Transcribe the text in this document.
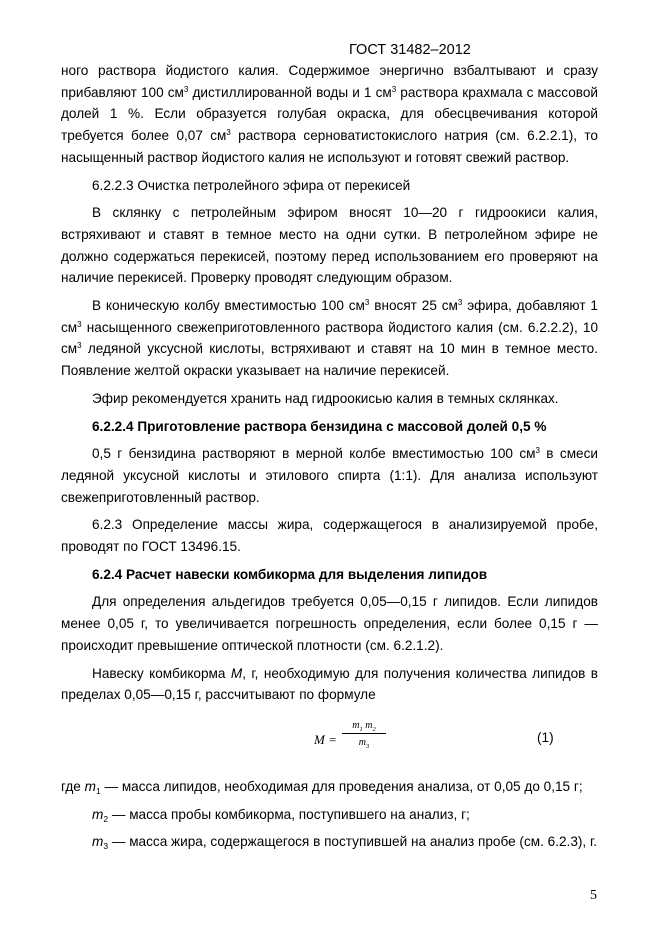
ГОСТ 31482–2012

ного раствора йодистого калия. Содержимое энергично взбалтывают и сразу прибавляют 100 $см^3$ дистиллированной воды и 1 $см^3$ раствора крахмала с массовой долей 1 %. Если образуется голубая окраска, для обесцвечивания которой требуется более 0,07 $см^3$ раствора серноватистокислого натрия (см. 6.2.2.1), то насыщенный раствор йодистого калия не используют и готовят свежий раствор.

6.2.2.3 Очистка петролейного эфира от перекисей

В склянку с петролейным эфиром вносят 10—20 г гидроокиси калия, встряхивают и ставят в темное место на одни сутки. В петролейном эфире не должно содержаться перекисей, поэтому перед использованием его проверяют на наличие перекисей. Проверку проводят следующим образом.

В коническую колбу вместимостью 100 $см^3$ вносят 25 $см^3$ эфира, добавляют 1 $см^3$ насыщенного свежеприготовленного раствора йодистого калия (см. 6.2.2.2), 10 $см^3$ ледяной уксусной кислоты, встряхивают и ставят на 10 мин в темное место. Появление желтой окраски указывает на наличие перекисей.

Эфир рекомендуется хранить над гидроокисью калия в темных склянках.

6.2.2.4 Приготовление раствора бензидина с массовой долей 0,5 %

0,5 г бензидина растворяют в мерной колбе вместимостью 100 $см^3$ в смеси ледяной уксусной кислоты и этилового спирта (1:1). Для анализа используют свежеприготовленный раствор.

6.2.3 Определение массы жира, содержащегося в анализируемой пробе, проводят по ГОСТ 13496.15.

6.2.4 Расчет навески комбикорма для выделения липидов

Для определения альдегидов требуется 0,05—0,15 г липидов. Если липидов менее 0,05 г, то увеличивается погрешность определения, если более 0,15 г — происходит превышение оптической плотности (см. 6.2.1.2).

Навеску комбикорма M, г, необходимую для получения количества липидов в пределах 0,05—0,15 г, рассчитывают по формуле

$M = \frac{m_1 m_2}{m_3}$	(1)

где $m_1$ — масса липидов, необходимая для проведения анализа, от 0,05 до 0,15 г;

$m_2$ — масса пробы комбикорма, поступившего на анализ, г;

$m_3$ — масса жира, содержащегося в поступившей на анализ пробе (см. 6.2.3), г.

5
